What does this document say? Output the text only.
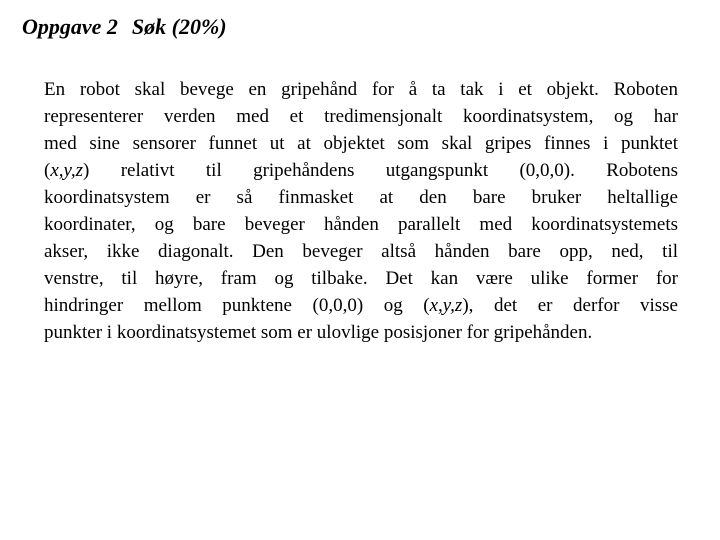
Oppgave 2 Søk (20%)
En robot skal bevege en gripehånd for å ta tak i et objekt. Roboten
representerer verden med et tredimensjonalt koordinatsystem, og har
med sine sensorer funnet ut at objektet som skal gripes finnes i punktet
(x,y,z) relativt til gripehåndens utgangspunkt (0,0,0). Robotens
koordinatsystem er så finmasket at den bare bruker heltallige
koordinater, og bare beveger hånden parallelt med koordinatsystemets
akser, ikke diagonalt. Den beveger altså hånden bare opp, ned, til
venstre, til høyre, fram og tilbake. Det kan være ulike former for
hindringer mellom punktene (0,0,0) og (x,y,z), det er derfor visse
punkter i koordinatsystemet som er ulovlige posisjoner for gripehånden.
